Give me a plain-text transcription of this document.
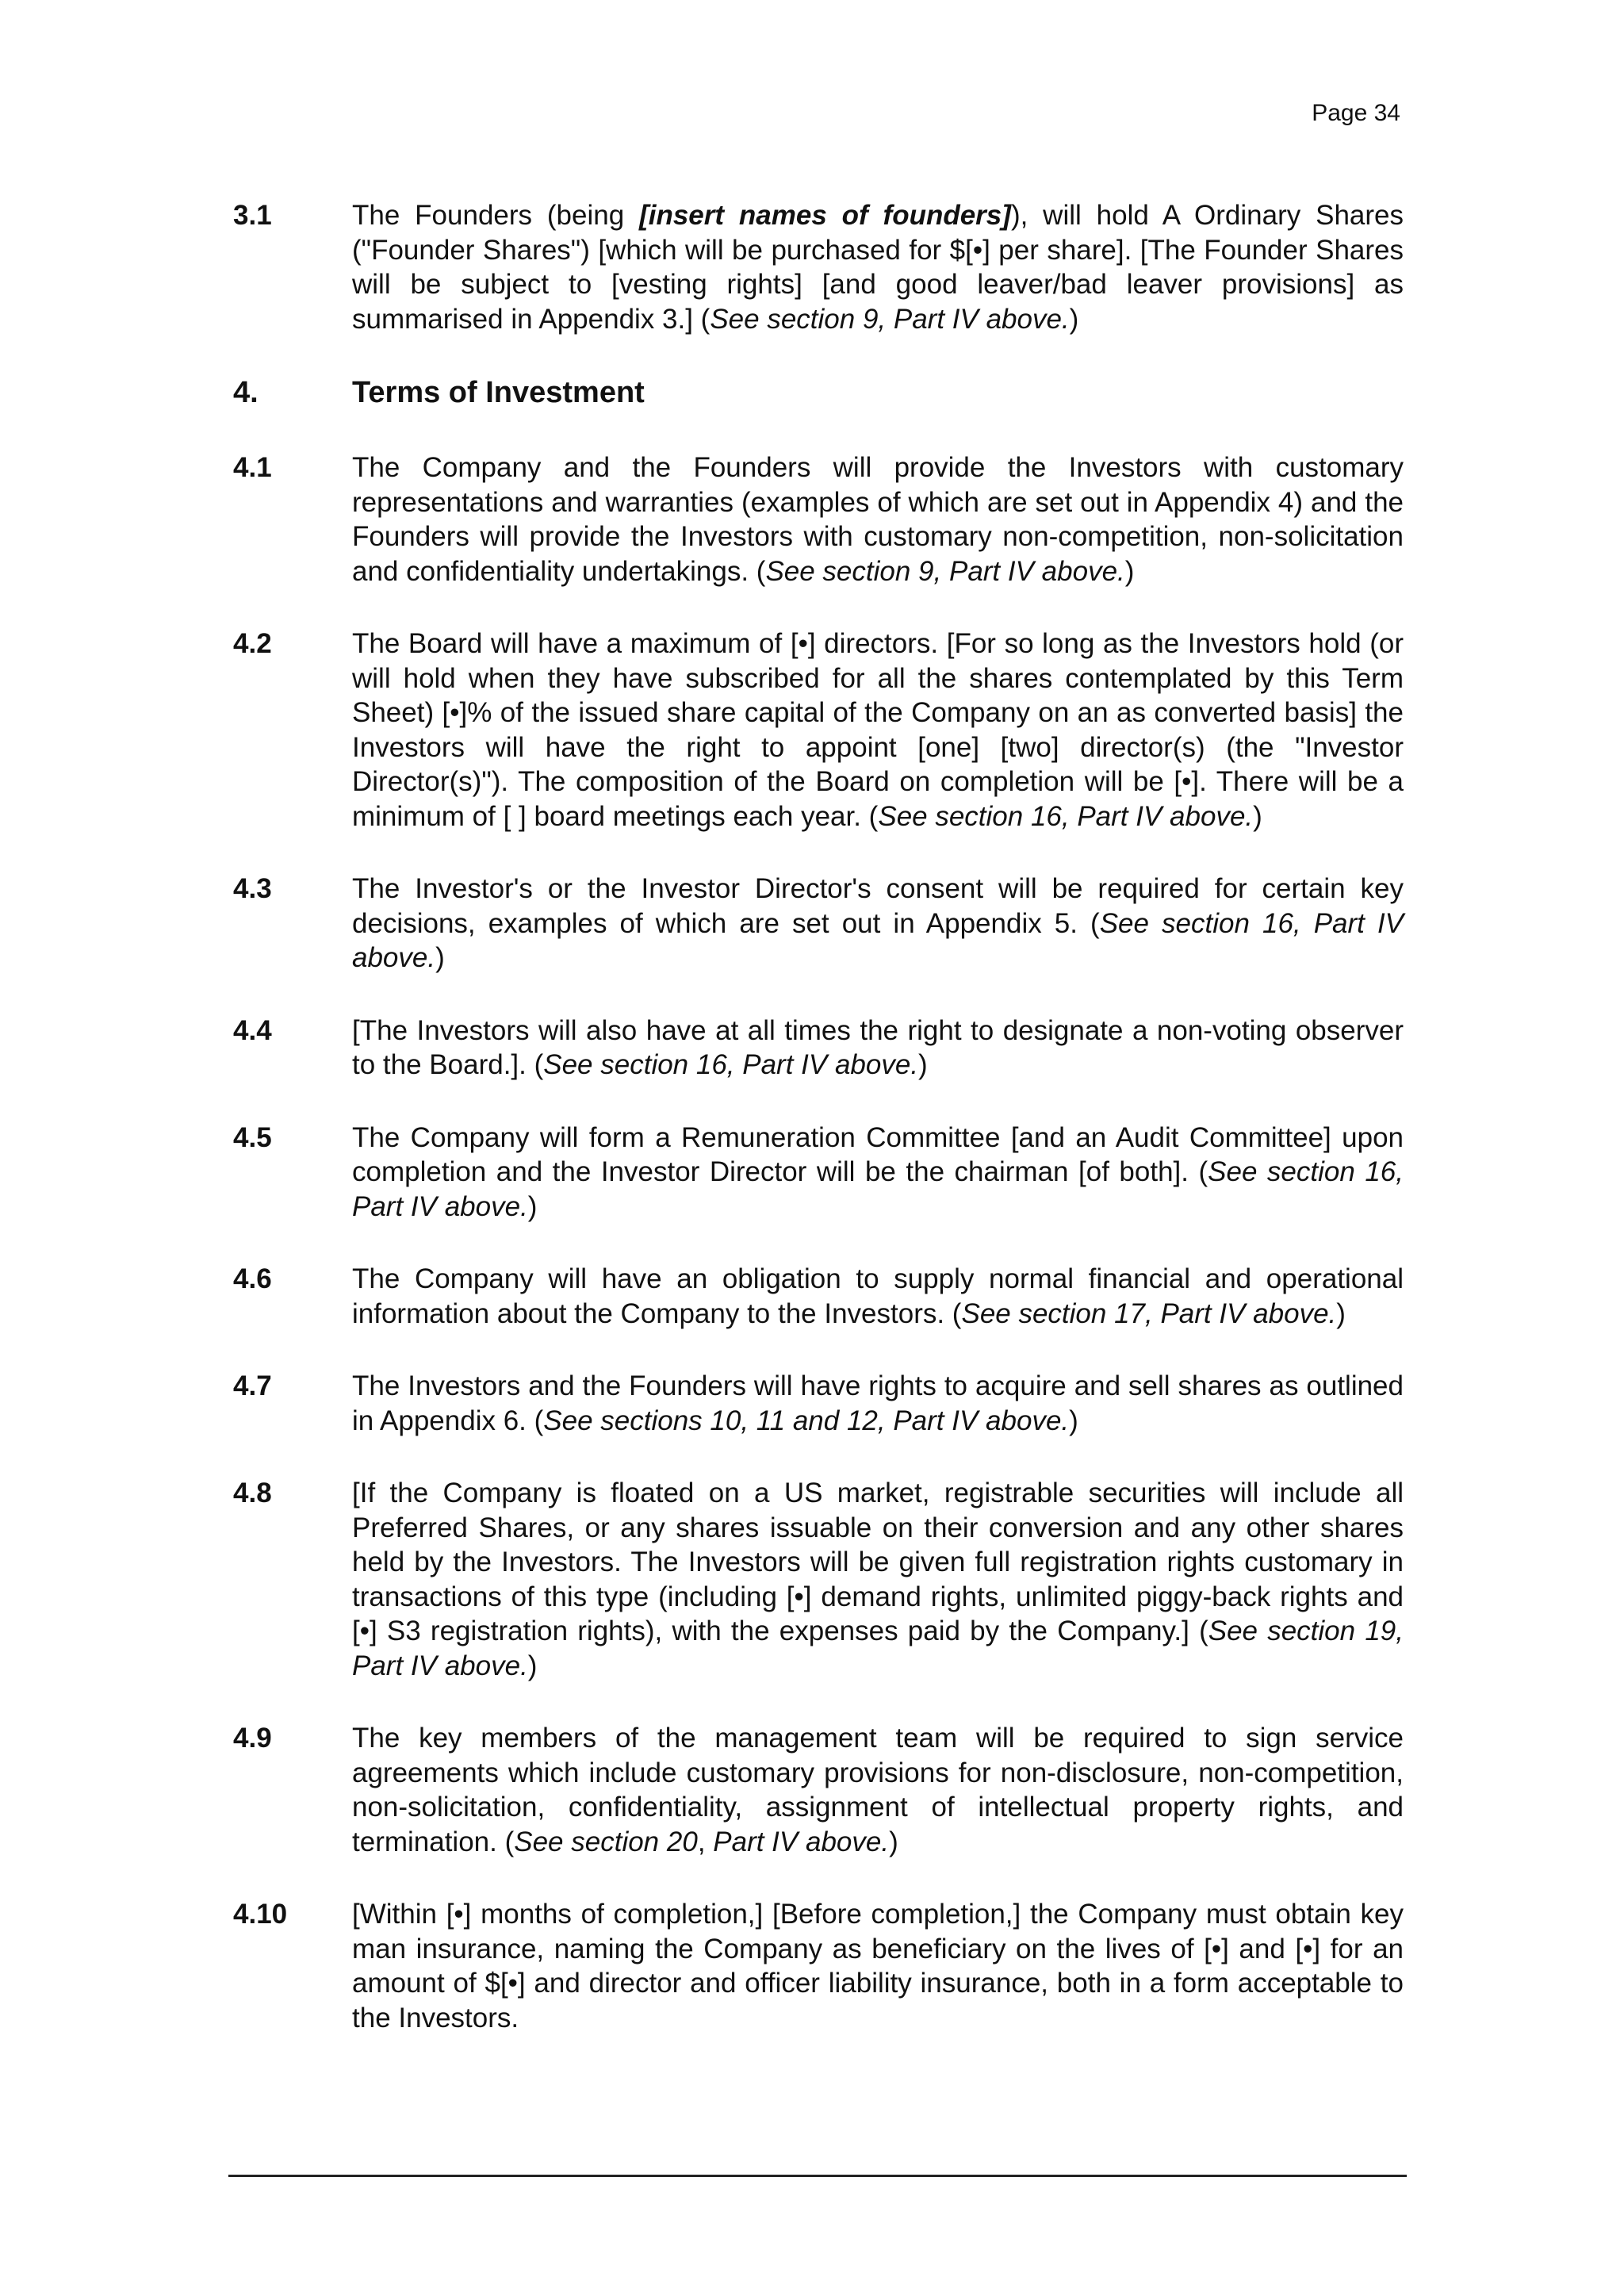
Page 34
3.1	The Founders (being [insert names of founders]), will hold A Ordinary Shares ("Founder Shares") [which will be purchased for $[•] per share]. [The Founder Shares will be subject to [vesting rights] [and good leaver/bad leaver provisions] as summarised in Appendix 3.] (See section 9, Part IV above.)
4.	Terms of Investment
4.1	The Company and the Founders will provide the Investors with customary representations and warranties (examples of which are set out in Appendix 4) and the Founders will provide the Investors with customary non-competition, non-solicitation and confidentiality undertakings. (See section 9, Part IV above.)
4.2	The Board will have a maximum of [•] directors. [For so long as the Investors hold (or will hold when they have subscribed for all the shares contemplated by this Term Sheet) [•]% of the issued share capital of the Company on an as converted basis] the Investors will have the right to appoint [one] [two] director(s) (the "Investor Director(s)"). The composition of the Board on completion will be [•]. There will be a minimum of [ ] board meetings each year. (See section 16, Part IV above.)
4.3	The Investor's or the Investor Director's consent will be required for certain key decisions, examples of which are set out in Appendix 5. (See section 16, Part IV above.)
4.4	[The Investors will also have at all times the right to designate a non-voting observer to the Board.]. (See section 16, Part IV above.)
4.5	The Company will form a Remuneration Committee [and an Audit Committee] upon completion and the Investor Director will be the chairman [of both]. (See section 16, Part IV above.)
4.6	The Company will have an obligation to supply normal financial and operational information about the Company to the Investors. (See section 17, Part IV above.)
4.7	The Investors and the Founders will have rights to acquire and sell shares as outlined in Appendix 6. (See sections 10, 11 and 12, Part IV above.)
4.8	[If the Company is floated on a US market, registrable securities will include all Preferred Shares, or any shares issuable on their conversion and any other shares held by the Investors. The Investors will be given full registration rights customary in transactions of this type (including [•] demand rights, unlimited piggy-back rights and [•] S3 registration rights), with the expenses paid by the Company.] (See section 19, Part IV above.)
4.9	The key members of the management team will be required to sign service agreements which include customary provisions for non-disclosure, non-competition, non-solicitation, confidentiality, assignment of intellectual property rights, and termination. (See section 20, Part IV above.)
4.10	[Within [•] months of completion,] [Before completion,] the Company must obtain key man insurance, naming the Company as beneficiary on the lives of [•] and [•] for an amount of $[•] and director and officer liability insurance, both in a form acceptable to the Investors.
